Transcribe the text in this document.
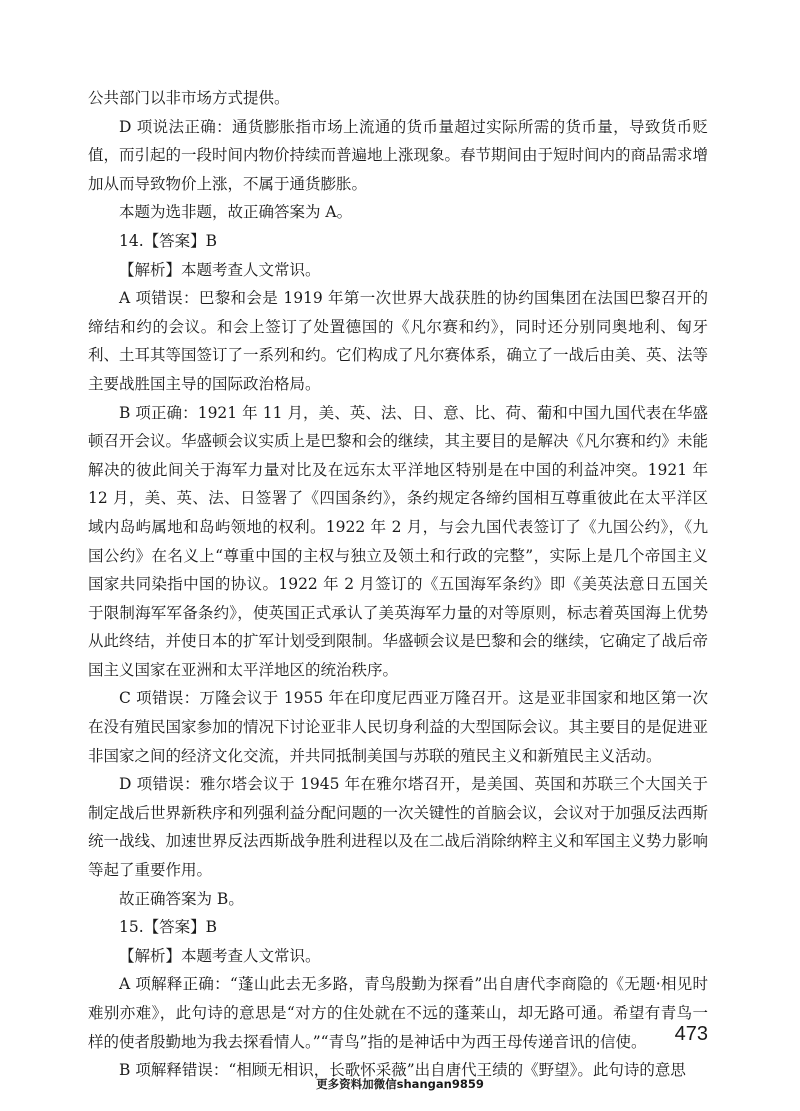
公共部门以非市场方式提供。

D 项说法正确：通货膨胀指市场上流通的货币量超过实际所需的货币量，导致货币贬值，而引起的一段时间内物价持续而普遍地上涨现象。春节期间由于短时间内的商品需求增加从而导致物价上涨，不属于通货膨胀。

本题为选非题，故正确答案为 A。

14.【答案】B

【解析】本题考查人文常识。

A 项错误：巴黎和会是 1919 年第一次世界大战获胜的协约国集团在法国巴黎召开的缔结和约的会议。和会上签订了处置德国的《凡尔赛和约》，同时还分别同奥地利、匈牙利、土耳其等国签订了一系列和约。它们构成了凡尔赛体系，确立了一战后由美、英、法等主要战胜国主导的国际政治格局。

B 项正确：1921 年 11 月，美、英、法、日、意、比、荷、葡和中国九国代表在华盛顿召开会议。华盛顿会议实质上是巴黎和会的继续，其主要目的是解决《凡尔赛和约》未能解决的彼此间关于海军力量对比及在远东太平洋地区特别是在中国的利益冲突。1921 年 12 月，美、英、法、日签署了《四国条约》，条约规定各缔约国相互尊重彼此在太平洋区域内岛屿属地和岛屿领地的权利。1922 年 2 月，与会九国代表签订了《九国公约》，《九国公约》在名义上“尊重中国的主权与独立及领土和行政的完整”，实际上是几个帝国主义国家共同染指中国的协议。1922 年 2 月签订的《五国海军条约》即《美英法意日五国关于限制海军军备条约》，使英国正式承认了美英海军力量的对等原则，标志着英国海上优势从此终结，并使日本的扩军计划受到限制。华盛顿会议是巴黎和会的继续，它确定了战后帝国主义国家在亚洲和太平洋地区的统治秩序。

C 项错误：万隆会议于 1955 年在印度尼西亚万隆召开。这是亚非国家和地区第一次在没有殖民国家参加的情况下讨论亚非人民切身利益的大型国际会议。其主要目的是促进亚非国家之间的经济文化交流，并共同抵制美国与苏联的殖民主义和新殖民主义活动。

D 项错误：雅尔塔会议于 1945 年在雅尔塔召开，是美国、英国和苏联三个大国关于制定战后世界新秩序和列强利益分配问题的一次关键性的首脑会议，会议对于加强反法西斯统一战线、加速世界反法西斯战争胜利进程以及在二战后消除纳粹主义和军国主义势力影响等起了重要作用。

故正确答案为 B。

15.【答案】B

【解析】本题考查人文常识。

A 项解释正确：“蓬山此去无多路，青鸟殷勤为探看”出自唐代李商隐的《无题·相见时难别亦难》，此句诗的意思是“对方的住处就在不远的蓬莱山，却无路可通。希望有青鸟一样的使者殷勤地为我去探看情人。”“青鸟”指的是神话中为西王母传递音讯的信使。

B 项解释错误：“相顾无相识，长歌怀采薇”出自唐代王绩的《野望》。此句诗的意思

473
更多资料加微信shangan9859
